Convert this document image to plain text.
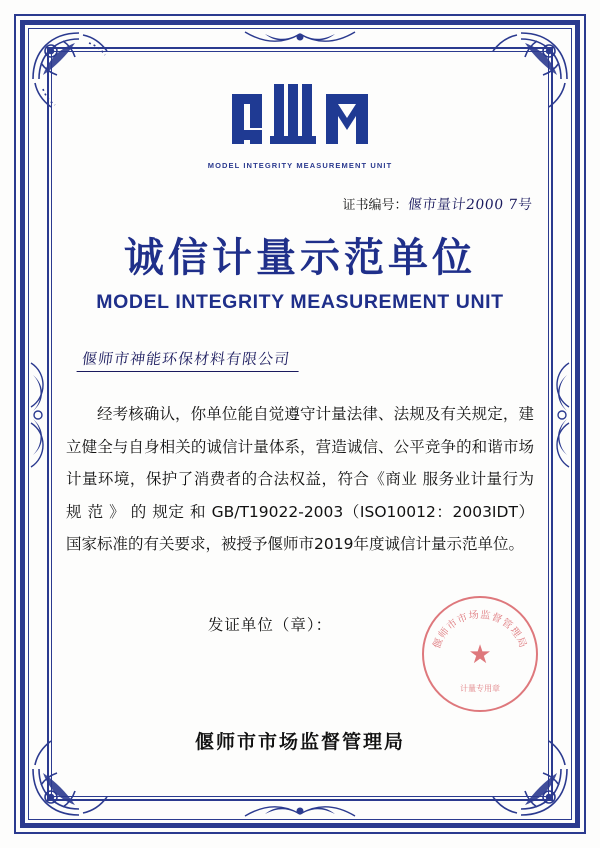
MODEL INTEGRITY MEASUREMENT UNIT
证书编号：偃市量计2000 7号
诚信计量示范单位
MODEL INTEGRITY MEASUREMENT UNIT
偃师市神能环保材料有限公司

经考核确认，你单位能自觉遵守计量法律、法规及有关规定，建立健全与自身相关的诚信计量体系，营造诚信、公平竞争的和谐市场计量环境，保护了消费者的合法权益，符合《商业 服务业计量行为 规 范 》 的 规定 和 GB/T19022-2003（ISO10012：2003IDT）国家标准的有关要求，被授予偃师市2019年度诚信计量示范单位。

发证单位（章）：
偃师市市场监督管理局
偃师市市场监督管理局
★
计量专用章
